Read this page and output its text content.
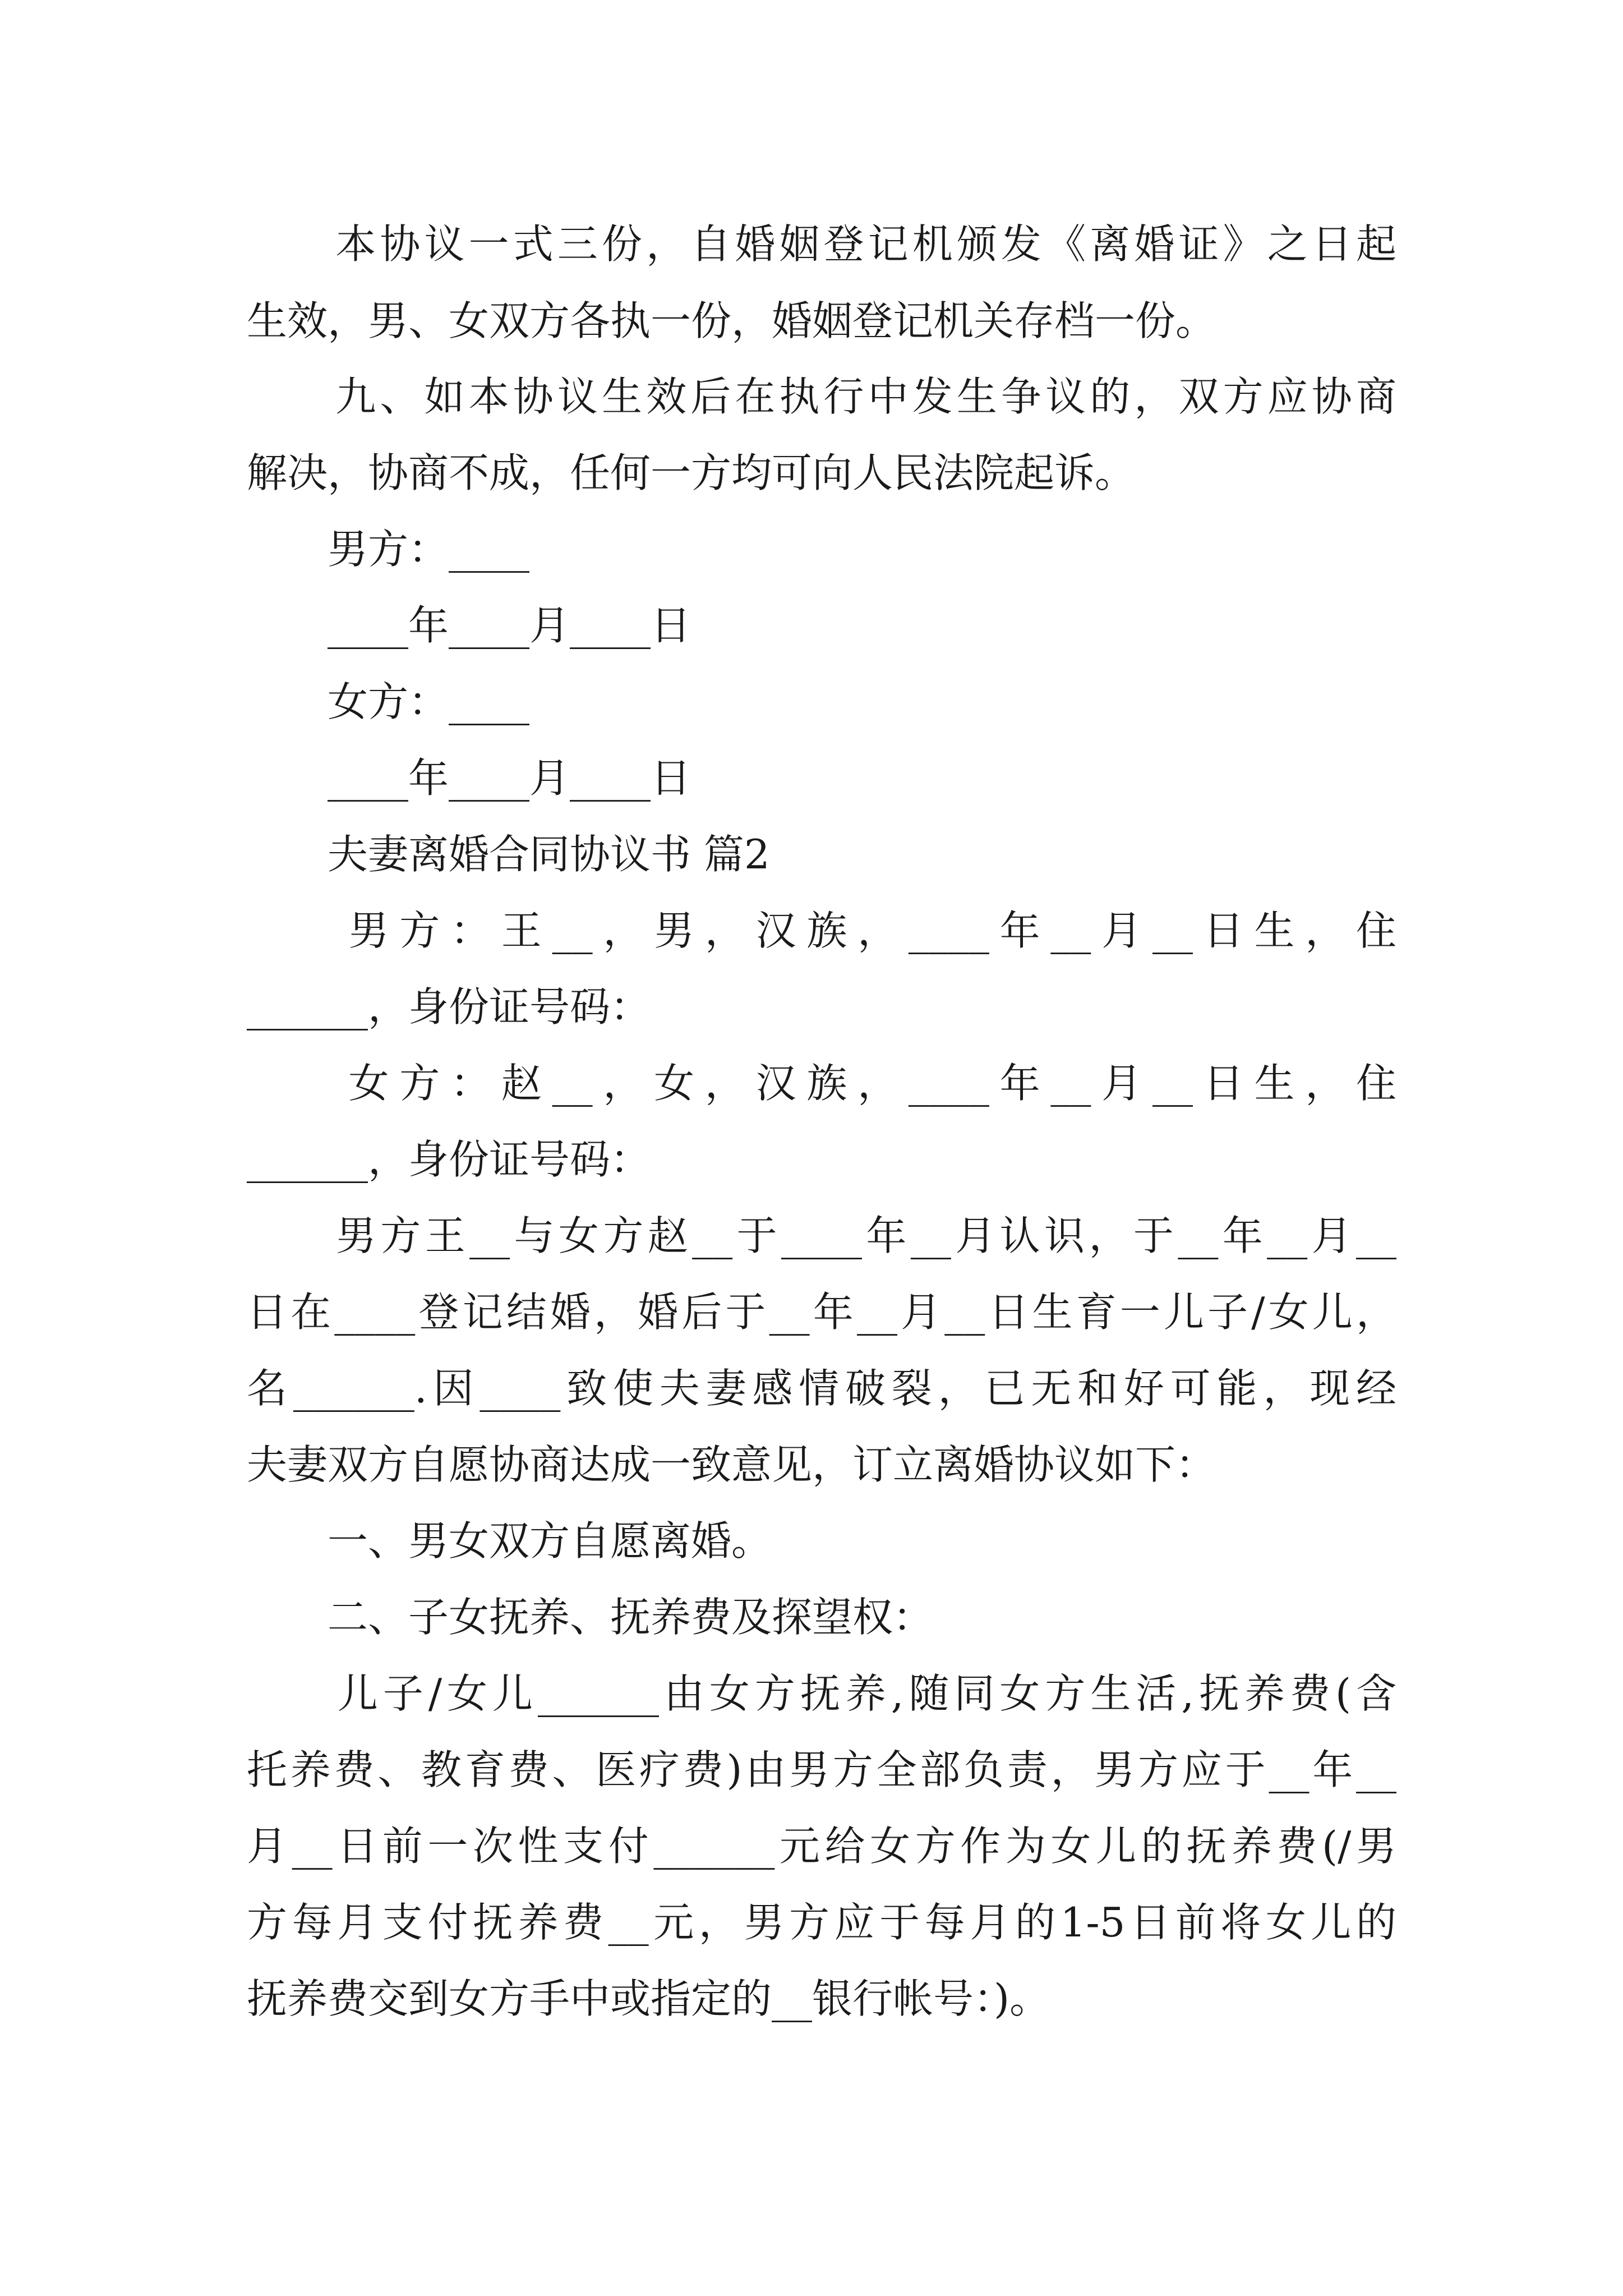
　　本协议一式三份，自婚姻登记机颁发《离婚证》之日起
生效，男、女双方各执一份，婚姻登记机关存档一份。
　　九、如本协议生效后在执行中发生争议的，双方应协商
解决，协商不成，任何一方均可向人民法院起诉。
　　男方：____
　　____年____月____日
　　女方：____
　　____年____月____日
　　夫妻离婚合同协议书 篇2
　　男方：王__，男，汉族，____年__月__日生，住
______，身份证号码：
　　女方：赵__，女，汉族，____年__月__日生，住
______，身份证号码：
　　男方王__与女方赵__于____年__月认识，于__年__月__
日在____登记结婚，婚后于__年__月__日生育一儿子/女儿，
名______.因____致使夫妻感情破裂，已无和好可能，现经
夫妻双方自愿协商达成一致意见，订立离婚协议如下：
　　一、男女双方自愿离婚。
　　二、子女抚养、抚养费及探望权：
　　儿子/女儿______由女方抚养,随同女方生活,抚养费(含
托养费、教育费、医疗费)由男方全部负责，男方应于__年__
月__日前一次性支付______元给女方作为女儿的抚养费(/男
方每月支付抚养费__元，男方应于每月的1-5日前将女儿的
抚养费交到女方手中或指定的__银行帐号：)。
